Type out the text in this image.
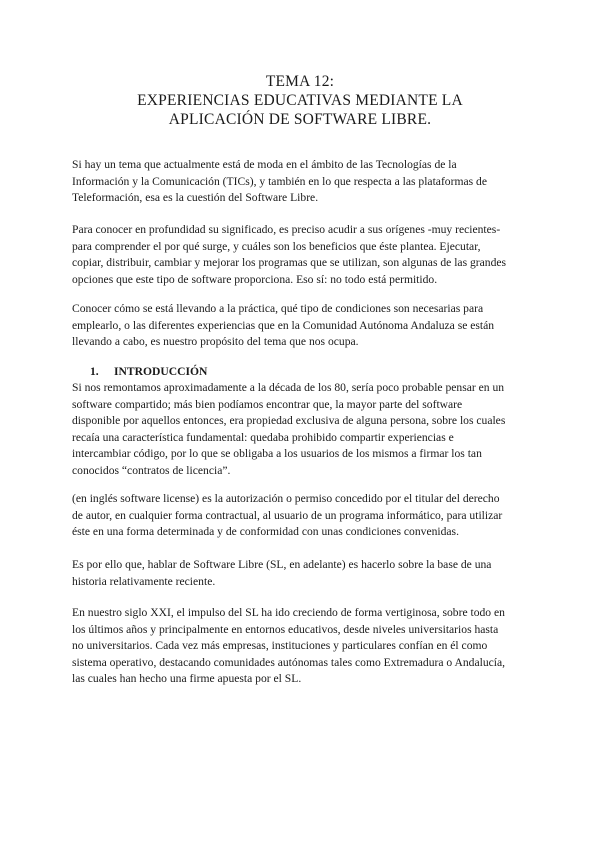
TEMA 12:
EXPERIENCIAS EDUCATIVAS MEDIANTE LA
APLICACIÓN DE SOFTWARE LIBRE.
Si hay un tema que actualmente está de moda en el ámbito de las Tecnologías de la
Información y la Comunicación (TICs), y también en lo que respecta a las plataformas de
Teleformación, esa es la cuestión del Software Libre.
Para conocer en profundidad su significado, es preciso acudir a sus orígenes -muy recientes-
para comprender el por qué surge, y cuáles son los beneficios que éste plantea. Ejecutar,
copiar, distribuir, cambiar y mejorar los programas que se utilizan, son algunas de las grandes
opciones que este tipo de software proporciona. Eso sí: no todo está permitido.
Conocer cómo se está llevando a la práctica, qué tipo de condiciones son necesarias para
emplearlo, o las diferentes experiencias que en la Comunidad Autónoma Andaluza se están
llevando a cabo, es nuestro propósito del tema que nos ocupa.
1. INTRODUCCIÓN
Si nos remontamos aproximadamente a la década de los 80, sería poco probable pensar en un
software compartido; más bien podíamos encontrar que, la mayor parte del software
disponible por aquellos entonces, era propiedad exclusiva de alguna persona, sobre los cuales
recaía una característica fundamental: quedaba prohibido compartir experiencias e
intercambiar código, por lo que se obligaba a los usuarios de los mismos a firmar los tan
conocidos “contratos de licencia”.
(en inglés software license) es la autorización o permiso concedido por el titular del derecho
de autor, en cualquier forma contractual, al usuario de un programa informático, para utilizar
éste en una forma determinada y de conformidad con unas condiciones convenidas.
Es por ello que, hablar de Software Libre (SL, en adelante) es hacerlo sobre la base de una
historia relativamente reciente.
En nuestro siglo XXI, el impulso del SL ha ido creciendo de forma vertiginosa, sobre todo en
los últimos años y principalmente en entornos educativos, desde niveles universitarios hasta
no universitarios. Cada vez más empresas, instituciones y particulares confían en él como
sistema operativo, destacando comunidades autónomas tales como Extremadura o Andalucía,
las cuales han hecho una firme apuesta por el SL.
